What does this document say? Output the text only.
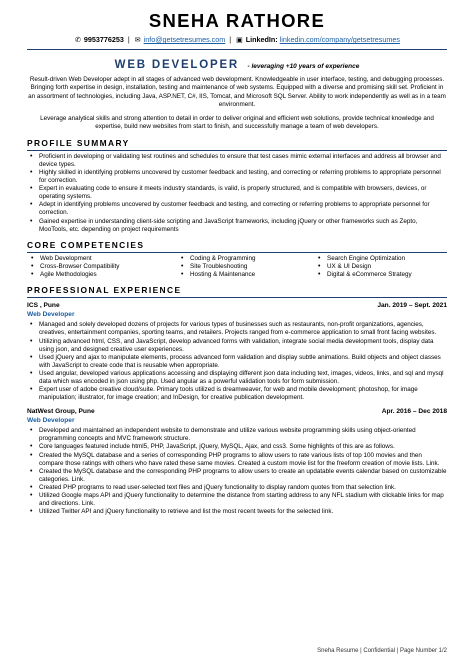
SNEHA RATHORE
✆ 9953776253 | ✉ info@getsetresumes.com | ▣ LinkedIn: linkedin.com/company/getsetresumes
WEB DEVELOPER - leveraging +10 years of experience
Result-driven Web Developer adept in all stages of advanced web development. Knowledgeable in user interface, testing, and debugging processes. Bringing forth expertise in design, installation, testing and maintenance of web systems. Equipped with a diverse and promising skill set. Proficient in an assortment of technologies, including Java, ASP.NET, C#, IIS, Tomcat, and Microsoft SQL Server. Ability to work independently as well as in a team environment.
Leverage analytical skills and strong attention to detail in order to deliver original and efficient web solutions, provide technical knowledge and expertise, build new websites from start to finish, and successfully manage a team of web developers.
PROFILE SUMMARY
• Proficient in developing or validating test routines and schedules to ensure that test cases mimic external interfaces and address all browser and device types.
• Highly skilled in identifying problems uncovered by customer feedback and testing, and correcting or referring problems to appropriate personnel for correction.
• Expert in evaluating code to ensure it meets industry standards, is valid, is properly structured, and is compatible with browsers, devices, or operating systems.
• Adept in identifying problems uncovered by customer feedback and testing, and correcting or referring problems to appropriate personnel for correction.
• Gained expertise in understanding client-side scripting and JavaScript frameworks, including jQuery or other frameworks such as Zepto, MooTools, etc. depending on project requirements
CORE COMPETENCIES
• Web Development
• Cross-Browser Compatibility
• Agile Methodologies
• Coding & Programming
• Site Troubleshooting
• Hosting & Maintenance
• Search Engine Optimization
• UX & UI Design
• Digital & eCommerce Strategy
PROFESSIONAL EXPERIENCE
ICS , Pune	Jan. 2019 – Sept. 2021
Web Developer
• Managed and solely developed dozens of projects for various types of businesses such as restaurants, non-profit organizations, agencies, creatives, entertainment companies, sporting teams, and retailers. Projects ranged from e-commerce application to small front facing websites.
• Utilizing advanced html, CSS, and JavaScript, develop advanced forms with validation, integrate social media development tools, display data using json, and designed creative user experiences.
• Used jQuery and ajax to manipulate elements, process advanced form validation and display subtle animations. Build objects and object classes with JavaScript to create code that is reusable when appropriate.
• Used angular, developed various applications accessing and displaying different json data including text, images, videos, links, and sql and mysql data which was encoded in json using php. Used angular as a powerful validation tools for form submission.
• Expert user of adobe creative cloud/suite. Primary tools utilized is dreamweaver, for web and mobile development; photoshop, for image manipulation; illustrator, for image creation; and InDesign, for creative publication development.
NatWest Group, Pune	Apr. 2016 – Dec 2018
Web Developer
• Developed and maintained an independent website to demonstrate and utilize various website programming skills using object-oriented programming concepts and MVC framework structure.
• Core languages featured include html5, PHP, JavaScript, jQuery, MySQL, Ajax, and css3. Some highlights of this are as follows.
• Created the MySQL database and a series of corresponding PHP programs to allow users to rate various lists of top 100 movies and then compare those ratings with others who have rated these same movies. Created a custom movie list for the freeform creation of movie lists. Link.
• Created the MySQL database and the corresponding PHP programs to allow users to create an updatable events calendar based on customizable categories. Link.
• Created PHP programs to read user-selected text files and jQuery functionality to display random quotes from that selection link.
• Utilized Google maps API and jQuery functionality to determine the distance from starting address to any NFL stadium with clickable links for map and directions. Link.
• Utilized Twitter API and jQuery functionality to retrieve and list the most recent tweets for the selected link.
Sneha Resume | Confidential | Page Number 1/2
